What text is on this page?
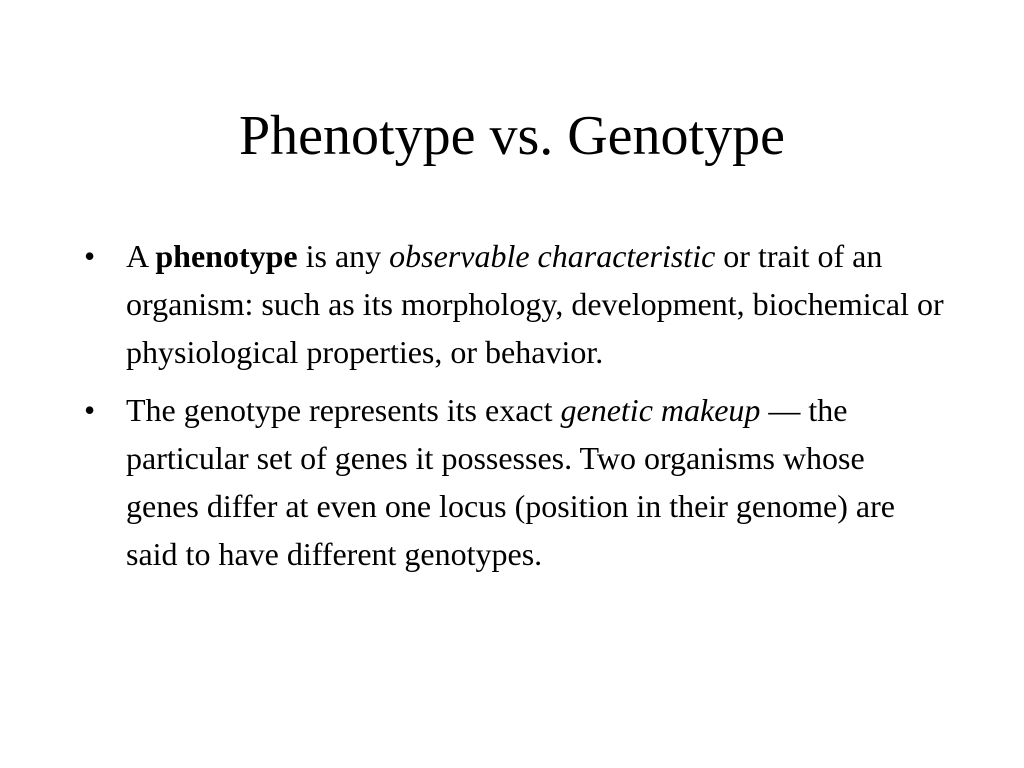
Phenotype vs. Genotype
• A phenotype is any observable characteristic or trait of an organism: such as its morphology, development, biochemical or physiological properties, or behavior.
• The genotype represents its exact genetic makeup — the particular set of genes it possesses. Two organisms whose genes differ at even one locus (position in their genome) are said to have different genotypes.
